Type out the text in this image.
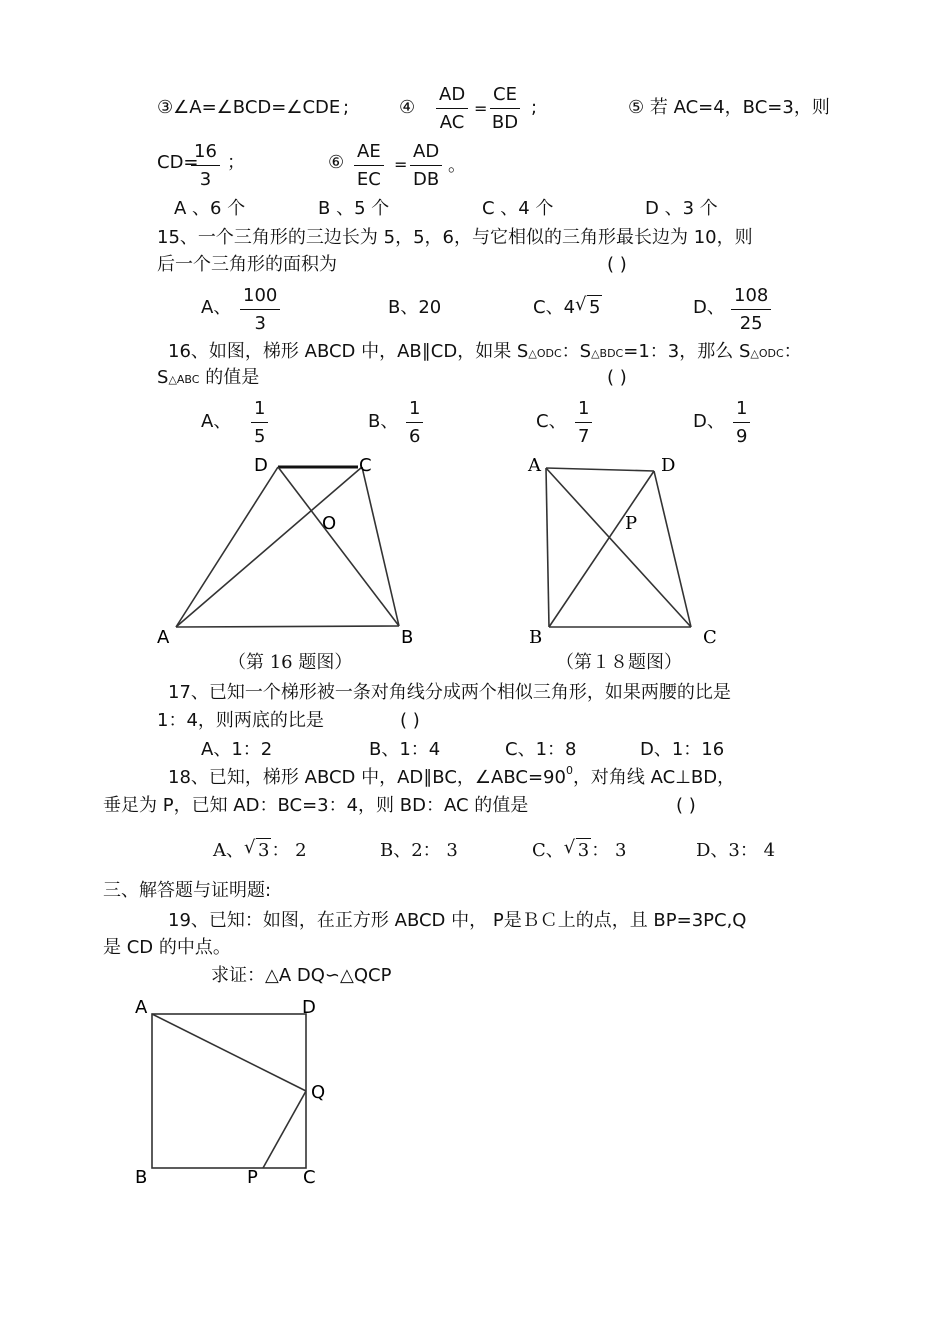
③∠A=∠BCD=∠CDE ;	④ $\frac{AD}{AC} = \frac{CE}{BD}$ ;	⑤ 若 AC=4，BC=3，则
CD=
$\frac{16}{3}$ ；	⑥ $\frac{AE}{EC} = \frac{AD}{DB}$ 。
A 、6 个	B 、5 个	C 、4 个	D 、3 个
15、一个三角形的三边长为 5，5，6，与它相似的三角形最长边为 10，则
后一个三角形的面积为	( )
A、 $\frac{100}{3}$	B、20	C、4 √ 5	D、 $\frac{108}{25}$
16、如图，梯形 ABCD 中，AB∥CD，如果 S△ODC：S△BDC=1：3，那么 S△ODC：
S△ABC 的值是	( )
A、 $\frac{1}{5}$	B、 $\frac{1}{6}$	C、 $\frac{1}{7}$	D、 $\frac{1}{9}$
D	C
O
A	B
A	D
P
B	C
（第 16 题图）	（第１８题图）
17、已知一个梯形被一条对角线分成两个相似三角形，如果两腰的比是
1：4，则两底的比是	( )
A、1：2	B、1：4	C、1：8	D、1：16
18、已知，梯形 ABCD 中，AD∥BC，$\angle ABC=90^0$，对角线 AC⊥BD，
垂足为 P，已知 AD：BC=3：4，则 BD：AC 的值是	( )
A、 √ 3 ： 2	B、2： 3	C、 √ 3 ： 3	D、3： 4
三、解答题与证明题:
19、已知：如图，在正方形 ABCD 中， P是ＢＣ上的点，且 BP=3PC,Q
是 CD 的中点。
求证：△A DQ∽△QCP
A	D
Q
B	P	C
